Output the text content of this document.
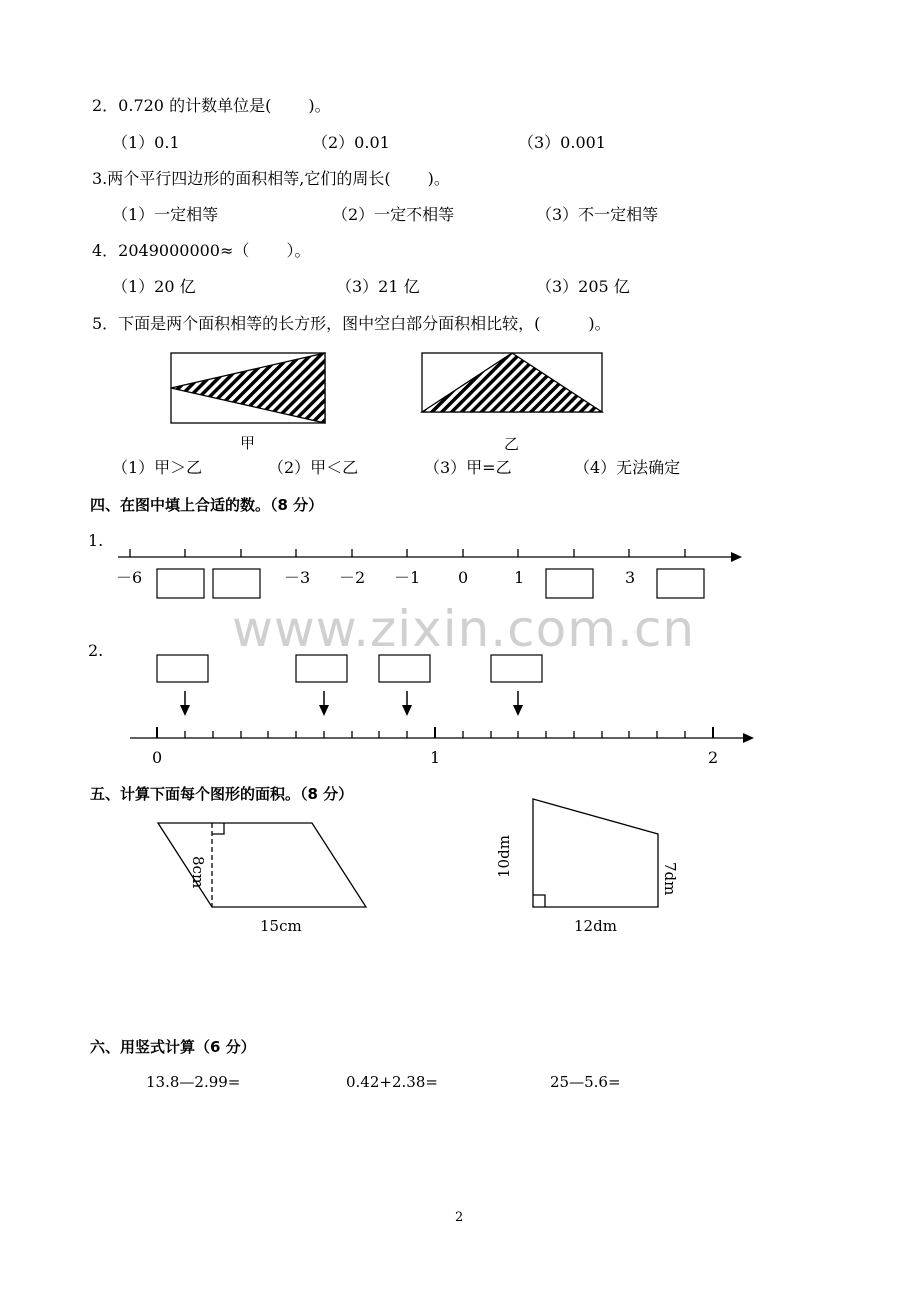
2．0.720 的计数单位是(　　 )。
（1）0.1	（2）0.01	（3）0.001
3.两个平行四边形的面积相等,它们的周长(　　 )。
（1）一定相等	（2）一定不相等	（3）不一定相等
4．2049000000≈（　　 ）。
（1）20 亿	（3）21 亿	（3）205 亿
5．下面是两个面积相等的长方形，图中空白部分面积相比较，(　　　)。
甲	乙
（1）甲＞乙	（2）甲＜乙	（3）甲=乙	（4）无法确定
四、在图中填上合适的数。（8 分）
1.
2.
－6	－3 －2 －1 0	1	3
0	1	2
www.zixin.com.cn
五、计算下面每个图形的面积。（8 分）
8cm
15cm
10dm
7dm
12dm
六、用竖式计算（6 分）
13.8—2.99=	0.42+2.38=	25—5.6=
2
